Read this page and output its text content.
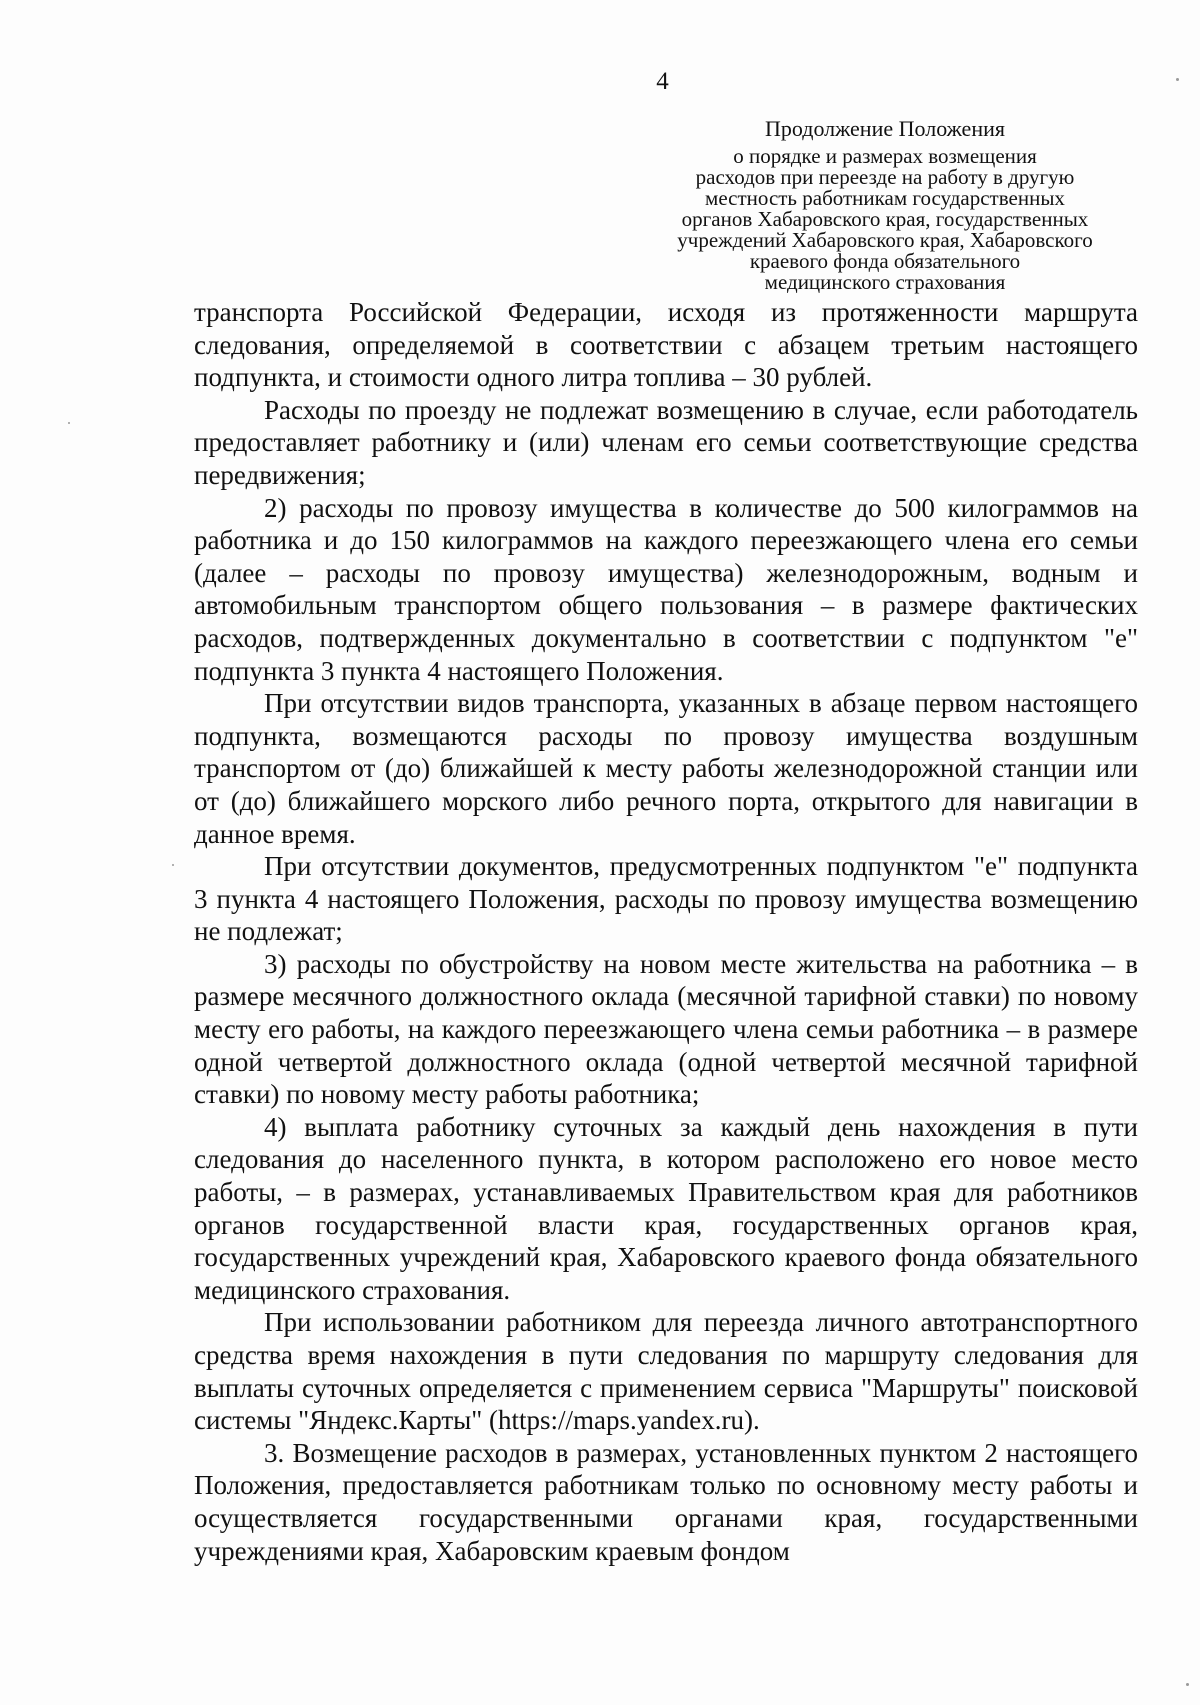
4
Продолжение Положения
о порядке и размерах возмещения
расходов при переезде на работу в другую
местность работникам государственных
органов Хабаровского края, государственных
учреждений Хабаровского края, Хабаровского
краевого фонда обязательного
медицинского страхования

транспорта Российской Федерации, исходя из протяженности маршрута следования, определяемой в соответствии с абзацем третьим настоящего подпункта, и стоимости одного литра топлива – 30 рублей.

Расходы по проезду не подлежат возмещению в случае, если работодатель предоставляет работнику и (или) членам его семьи соответствующие средства передвижения;

2) расходы по провозу имущества в количестве до 500 килограммов на работника и до 150 килограммов на каждого переезжающего члена его семьи (далее – расходы по провозу имущества) железнодорожным, водным и автомобильным транспортом общего пользования – в размере фактических расходов, подтвержденных документально в соответствии с подпунктом "е" подпункта 3 пункта 4 настоящего Положения.

При отсутствии видов транспорта, указанных в абзаце первом настоящего подпункта, возмещаются расходы по провозу имущества воздушным транспортом от (до) ближайшей к месту работы железнодорожной станции или от (до) ближайшего морского либо речного порта, открытого для навигации в данное время.

При отсутствии документов, предусмотренных подпунктом "е" подпункта 3 пункта 4 настоящего Положения, расходы по провозу имущества возмещению не подлежат;

3) расходы по обустройству на новом месте жительства на работника – в размере месячного должностного оклада (месячной тарифной ставки) по новому месту его работы, на каждого переезжающего члена семьи работника – в размере одной четвертой должностного оклада (одной четвертой месячной тарифной ставки) по новому месту работы работника;

4) выплата работнику суточных за каждый день нахождения в пути следования до населенного пункта, в котором расположено его новое место работы, – в размерах, устанавливаемых Правительством края для работников органов государственной власти края, государственных органов края, государственных учреждений края, Хабаровского краевого фонда обязательного медицинского страхования.

При использовании работником для переезда личного автотранспортного средства время нахождения в пути следования по маршруту следования для выплаты суточных определяется с применением сервиса "Маршруты" поисковой системы "Яндекс.Карты" (https://maps.yandex.ru).

3. Возмещение расходов в размерах, установленных пунктом 2 настоящего Положения, предоставляется работникам только по основному месту работы и осуществляется государственными органами края, государственными учреждениями края, Хабаровским краевым фондом
